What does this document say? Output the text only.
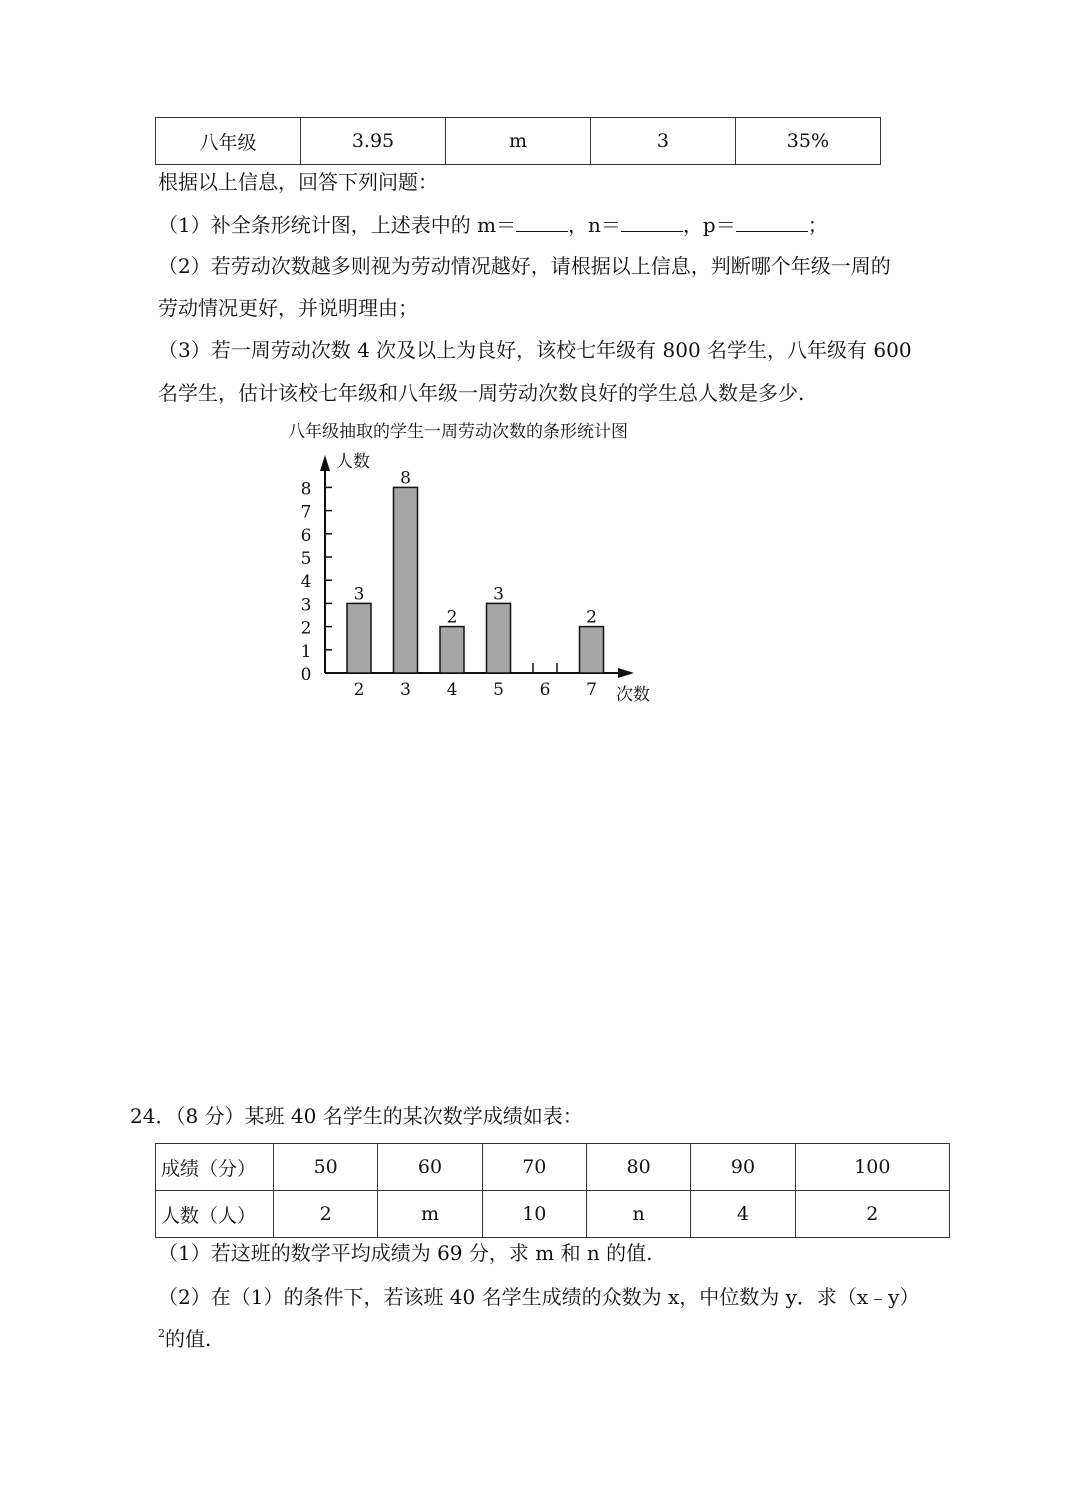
八年级	3.95	m	3	35%
根据以上信息，回答下列问题：
（1）补全条形统计图，上述表中的 m＝	，n＝	，p＝	；
（2）若劳动次数越多则视为劳动情况越好，请根据以上信息，判断哪个年级一周的
劳动情况更好，并说明理由；
（3）若一周劳动次数 4 次及以上为良好，该校七年级有 800 名学生，八年级有 600
名学生，估计该校七年级和八年级一周劳动次数良好的学生总人数是多少.
八年级抽取的学生一周劳动次数的条形统计图
人数
次数
0
1
2
3
4
5
6
7
8
3
8
2
3
2
2 3 4 5 6 7
24．（8 分）某班 40 名学生的某次数学成绩如表：
成绩（分）	50	60	70	80	90	100
人数（人）	2	m	10	n	4	2
（1）若这班的数学平均成绩为 69 分，求 m 和 n 的值.
（2）在（1）的条件下，若该班 40 名学生成绩的众数为 x，中位数为 y．求（x﹣y）
$^2$的值.
